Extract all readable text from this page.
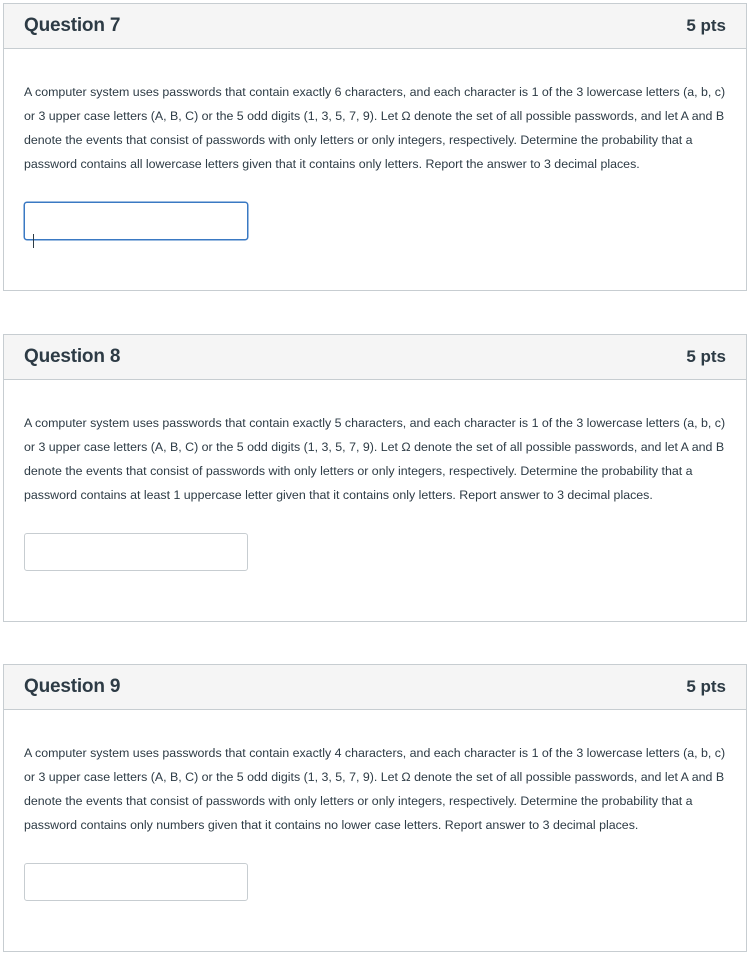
Question 7	5 pts

A computer system uses passwords that contain exactly 6 characters, and each character is 1 of the 3 lowercase letters (a, b, c) or 3 upper case letters (A, B, C) or the 5 odd digits (1, 3, 5, 7, 9). Let Ω denote the set of all possible passwords, and let A and B denote the events that consist of passwords with only letters or only integers, respectively. Determine the probability that a password contains all lowercase letters given that it contains only letters. Report the answer to 3 decimal places.

Question 8	5 pts

A computer system uses passwords that contain exactly 5 characters, and each character is 1 of the 3 lowercase letters (a, b, c) or 3 upper case letters (A, B, C) or the 5 odd digits (1, 3, 5, 7, 9). Let Ω denote the set of all possible passwords, and let A and B denote the events that consist of passwords with only letters or only integers, respectively. Determine the probability that a password contains at least 1 uppercase letter given that it contains only letters. Report answer to 3 decimal places.

Question 9	5 pts

A computer system uses passwords that contain exactly 4 characters, and each character is 1 of the 3 lowercase letters (a, b, c) or 3 upper case letters (A, B, C) or the 5 odd digits (1, 3, 5, 7, 9). Let Ω denote the set of all possible passwords, and let A and B denote the events that consist of passwords with only letters or only integers, respectively. Determine the probability that a password contains only numbers given that it contains no lower case letters. Report answer to 3 decimal places.
